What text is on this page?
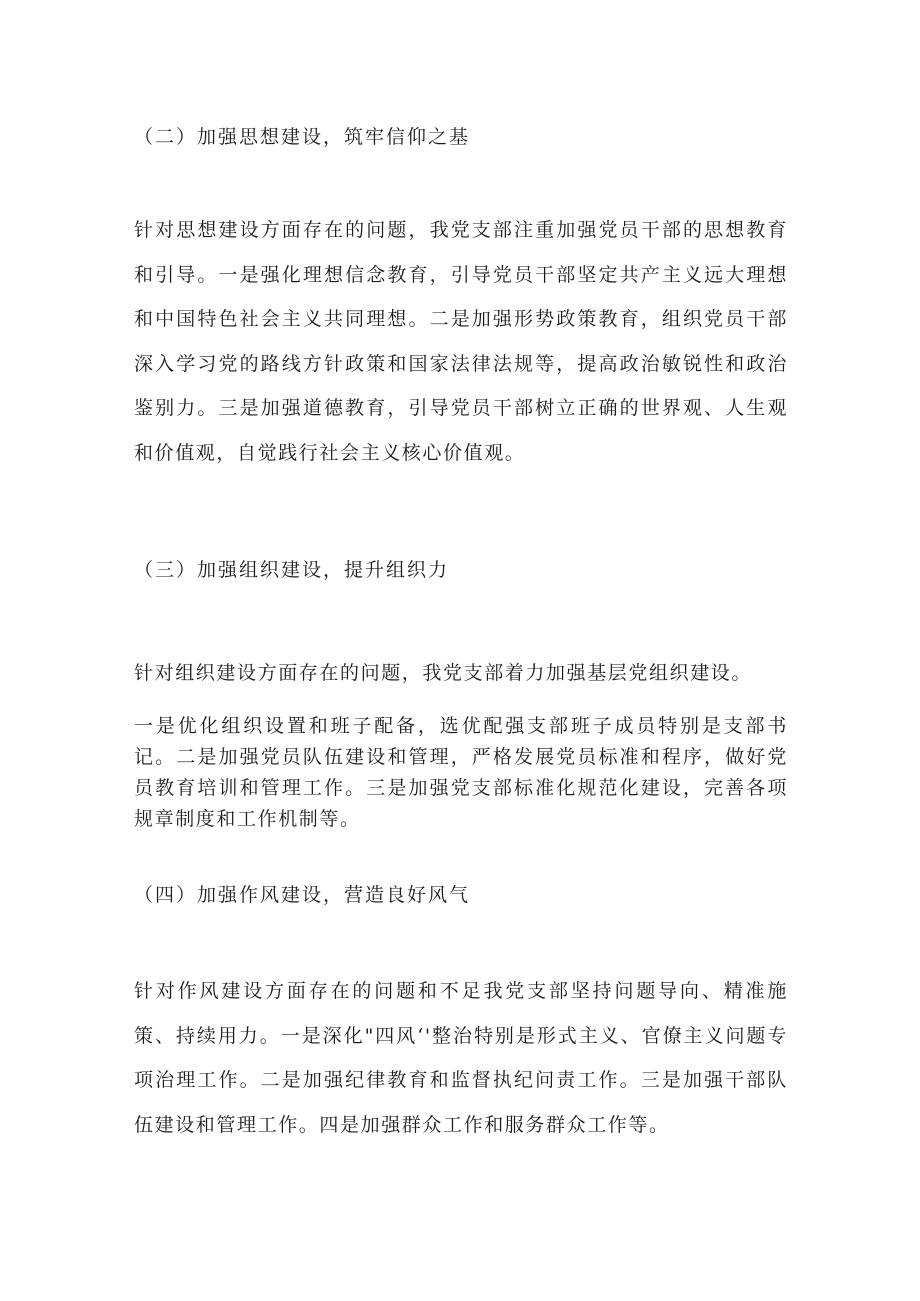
（二）加强思想建设，筑牢信仰之基

针对思想建设方面存在的问题，我党支部注重加强党员干部的思想教育和引导。一是强化理想信念教育，引导党员干部坚定共产主义远大理想和中国特色社会主义共同理想。二是加强形势政策教育，组织党员干部深入学习党的路线方针政策和国家法律法规等，提高政治敏锐性和政治鉴别力。三是加强道德教育，引导党员干部树立正确的世界观、人生观和价值观，自觉践行社会主义核心价值观。

（三）加强组织建设，提升组织力

针对组织建设方面存在的问题，我党支部着力加强基层党组织建设。

一是优化组织设置和班子配备，选优配强支部班子成员特别是支部书记。二是加强党员队伍建设和管理，严格发展党员标准和程序，做好党员教育培训和管理工作。三是加强党支部标准化规范化建设，完善各项规章制度和工作机制等。

（四）加强作风建设，营造良好风气

针对作风建设方面存在的问题和不足我党支部坚持问题导向、精准施策、持续用力。一是深化"四风‘'整治特别是形式主义、官僚主义问题专项治理工作。二是加强纪律教育和监督执纪问责工作。三是加强干部队伍建设和管理工作。四是加强群众工作和服务群众工作等。
